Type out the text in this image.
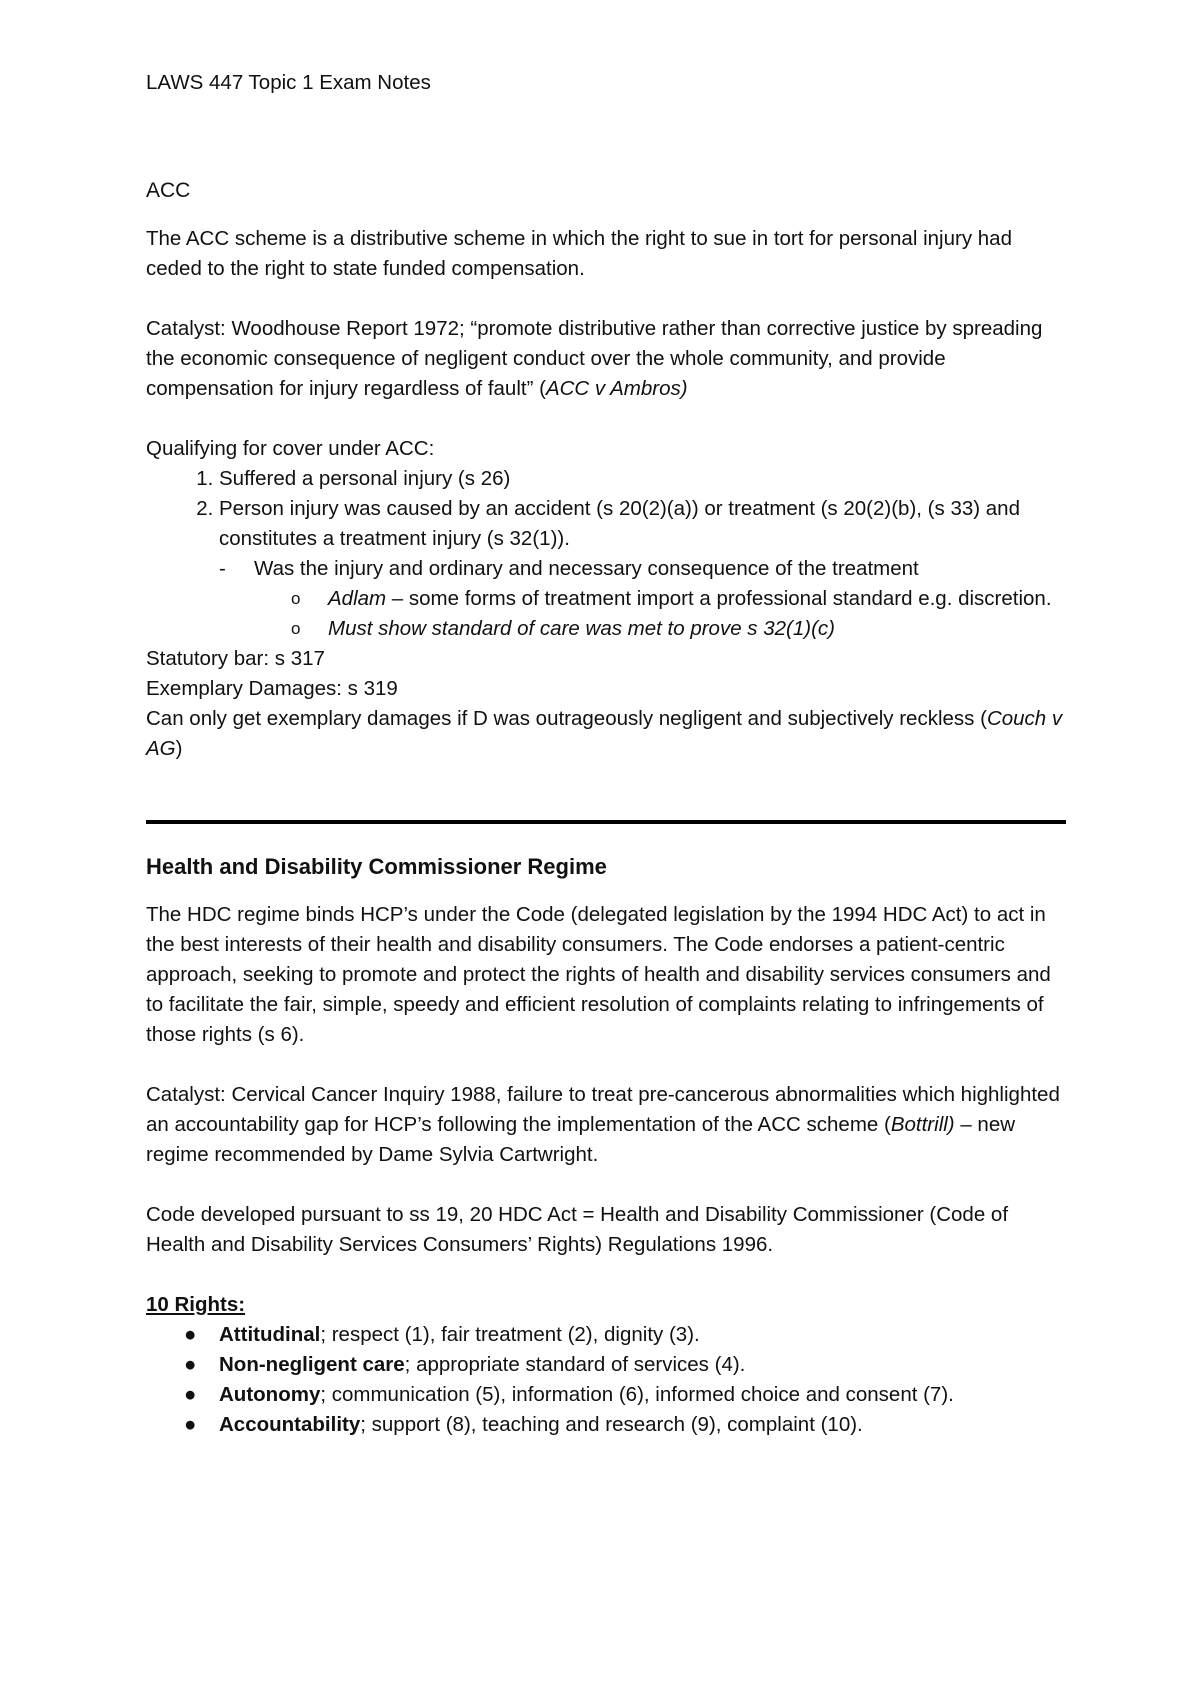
LAWS 447 Topic 1 Exam Notes
ACC

The ACC scheme is a distributive scheme in which the right to sue in tort for personal injury had ceded to the right to state funded compensation.

Catalyst: Woodhouse Report 1972; “promote distributive rather than corrective justice by spreading the economic consequence of negligent conduct over the whole community, and provide compensation for injury regardless of fault” (ACC v Ambros)

Qualifying for cover under ACC:
1. Suffered a personal injury (s 26)
2. Person injury was caused by an accident (s 20(2)(a)) or treatment (s 20(2)(b), (s 33) and constitutes a treatment injury (s 32(1)).
- Was the injury and ordinary and necessary consequence of the treatment
o Adlam – some forms of treatment import a professional standard e.g. discretion.
o Must show standard of care was met to prove s 32(1)(c)
Statutory bar: s 317
Exemplary Damages: s 319
Can only get exemplary damages if D was outrageously negligent and subjectively reckless (Couch v AG)
Health and Disability Commissioner Regime

The HDC regime binds HCP’s under the Code (delegated legislation by the 1994 HDC Act) to act in the best interests of their health and disability consumers. The Code endorses a patient-centric approach, seeking to promote and protect the rights of health and disability services consumers and to facilitate the fair, simple, speedy and efficient resolution of complaints relating to infringements of those rights (s 6).

Catalyst: Cervical Cancer Inquiry 1988, failure to treat pre-cancerous abnormalities which highlighted an accountability gap for HCP’s following the implementation of the ACC scheme (Bottrill) – new regime recommended by Dame Sylvia Cartwright.

Code developed pursuant to ss 19, 20 HDC Act = Health and Disability Commissioner (Code of Health and Disability Services Consumers’ Rights) Regulations 1996.

10 Rights:
● Attitudinal; respect (1), fair treatment (2), dignity (3).
● Non-negligent care; appropriate standard of services (4).
● Autonomy; communication (5), information (6), informed choice and consent (7).
● Accountability; support (8), teaching and research (9), complaint (10).
